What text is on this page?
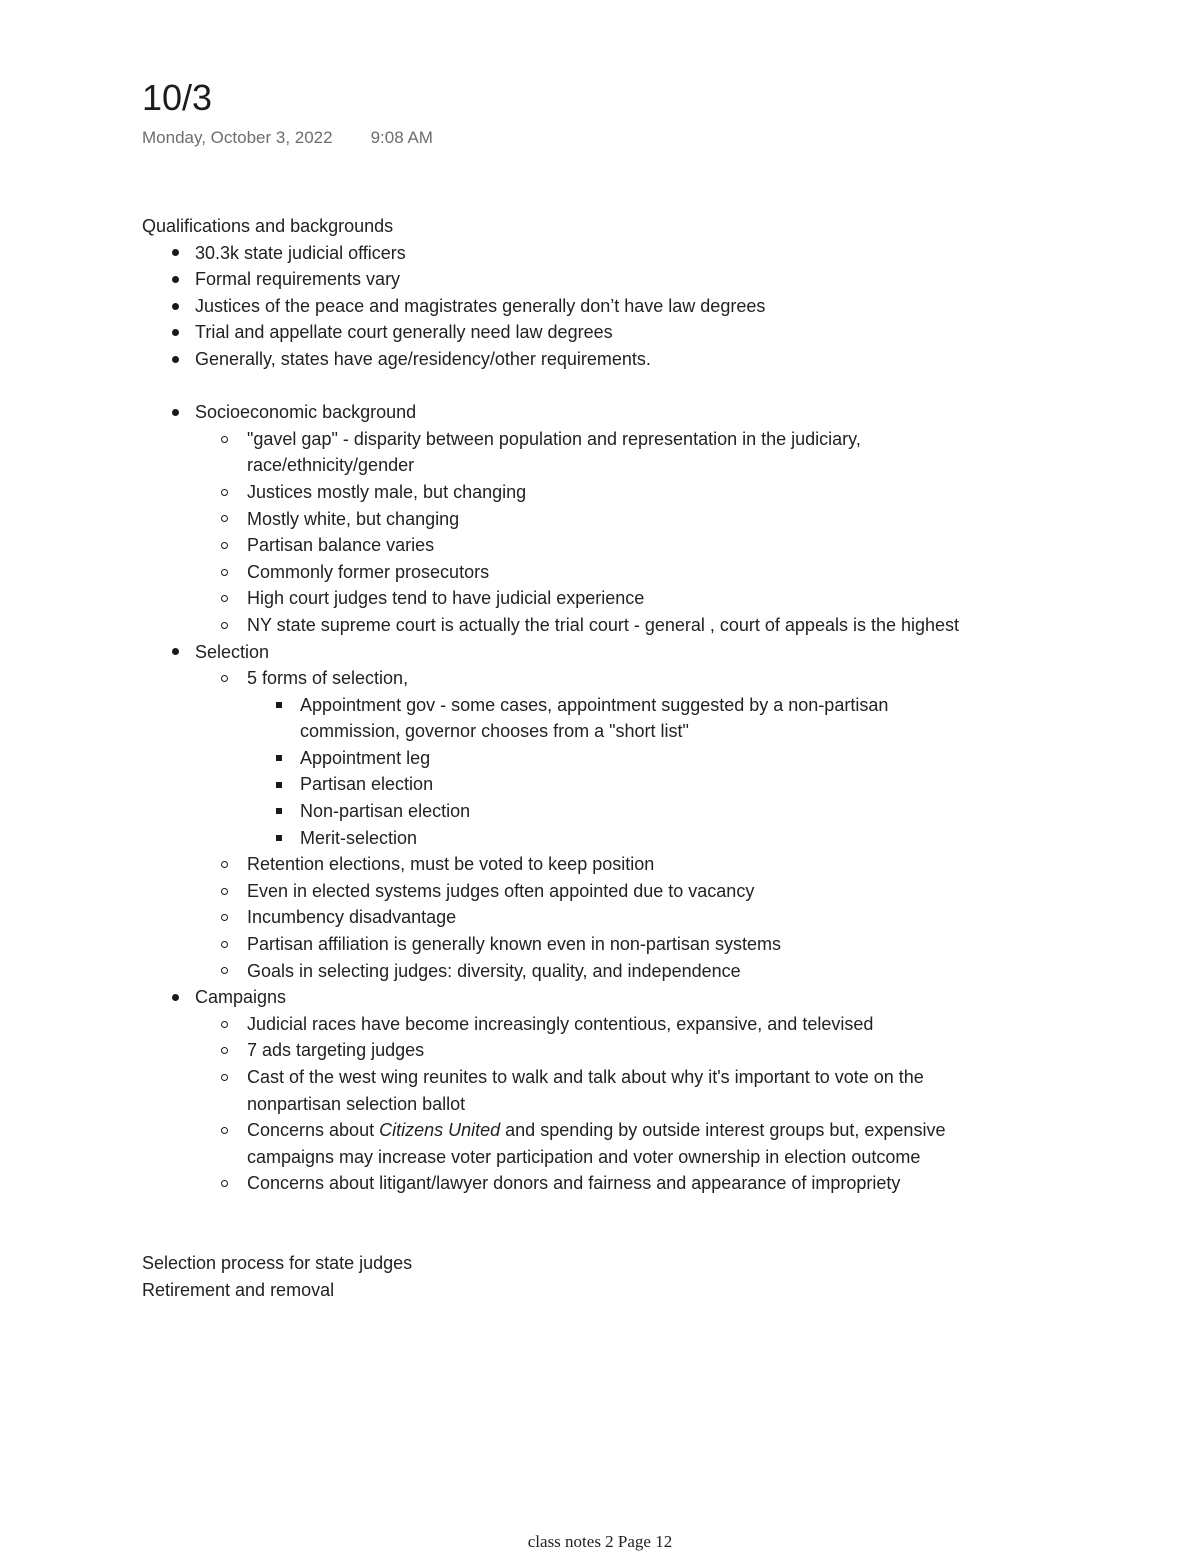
10/3
Monday, October 3, 2022 9:08 AM
Qualifications and backgrounds
30.3k state judicial officers
Formal requirements vary
Justices of the peace and magistrates generally don’t have law degrees
Trial and appellate court generally need law degrees
Generally, states have age/residency/other requirements.
Socioeconomic background
"gavel gap" - disparity between population and representation in the judiciary,
race/ethnicity/gender
Justices mostly male, but changing
Mostly white, but changing
Partisan balance varies
Commonly former prosecutors
High court judges tend to have judicial experience
NY state supreme court is actually the trial court - general , court of appeals is the highest
Selection
5 forms of selection,
Appointment gov - some cases, appointment suggested by a non-partisan
commission, governor chooses from a "short list"
Appointment leg
Partisan election
Non-partisan election
Merit-selection
Retention elections, must be voted to keep position
Even in elected systems judges often appointed due to vacancy
Incumbency disadvantage
Partisan affiliation is generally known even in non-partisan systems
Goals in selecting judges: diversity, quality, and independence
Campaigns
Judicial races have become increasingly contentious, expansive, and televised
7 ads targeting judges
Cast of the west wing reunites to walk and talk about why it's important to vote on the
nonpartisan selection ballot
Concerns about Citizens United and spending by outside interest groups but, expensive
campaigns may increase voter participation and voter ownership in election outcome
Concerns about litigant/lawyer donors and fairness and appearance of impropriety
Selection process for state judges
Retirement and removal
class notes 2 Page 12
